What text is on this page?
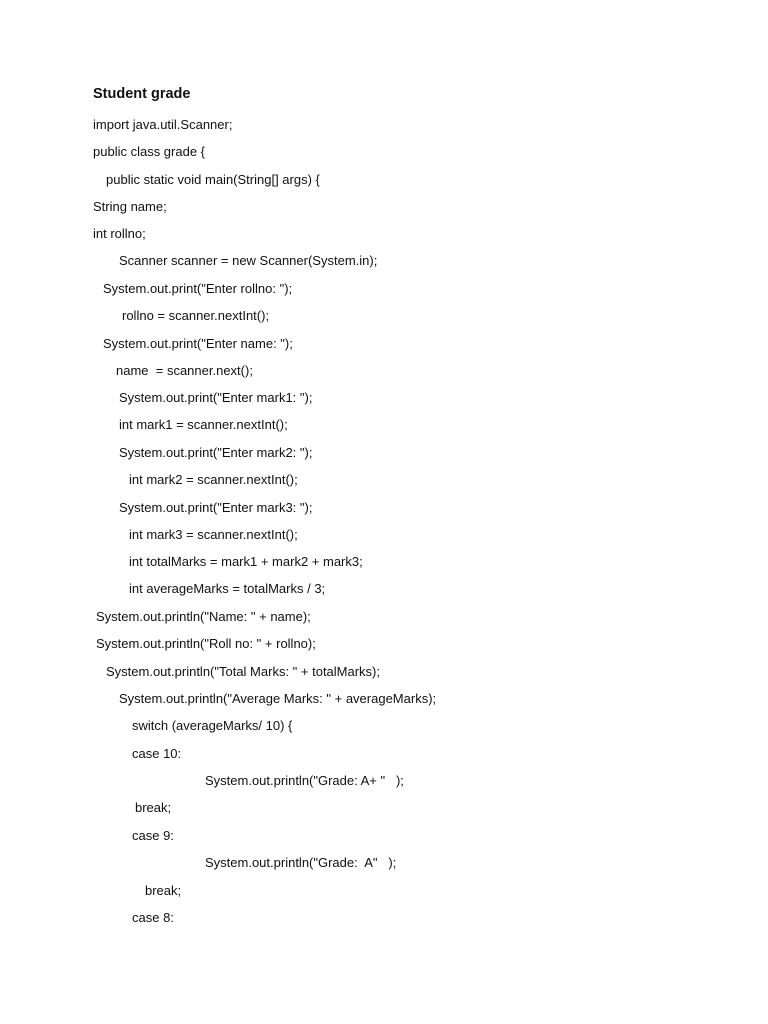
Student grade

import java.util.Scanner;

public class grade {

public static void main(String[] args) {

String name;

int rollno;

Scanner scanner = new Scanner(System.in);

System.out.print("Enter rollno: ");

rollno = scanner.nextInt();

System.out.print("Enter name: ");

name  = scanner.next();

System.out.print("Enter mark1: ");

int mark1 = scanner.nextInt();

System.out.print("Enter mark2: ");

int mark2 = scanner.nextInt();

System.out.print("Enter mark3: ");

int mark3 = scanner.nextInt();

int totalMarks = mark1 + mark2 + mark3;

int averageMarks = totalMarks / 3;

System.out.println("Name: " + name);

System.out.println("Roll no: " + rollno);

System.out.println("Total Marks: " + totalMarks);

System.out.println("Average Marks: " + averageMarks);

switch (averageMarks/ 10) {

case 10:

System.out.println("Grade: A+ "   );

break;

case 9:

System.out.println("Grade:  A"   );

break;

case 8:
